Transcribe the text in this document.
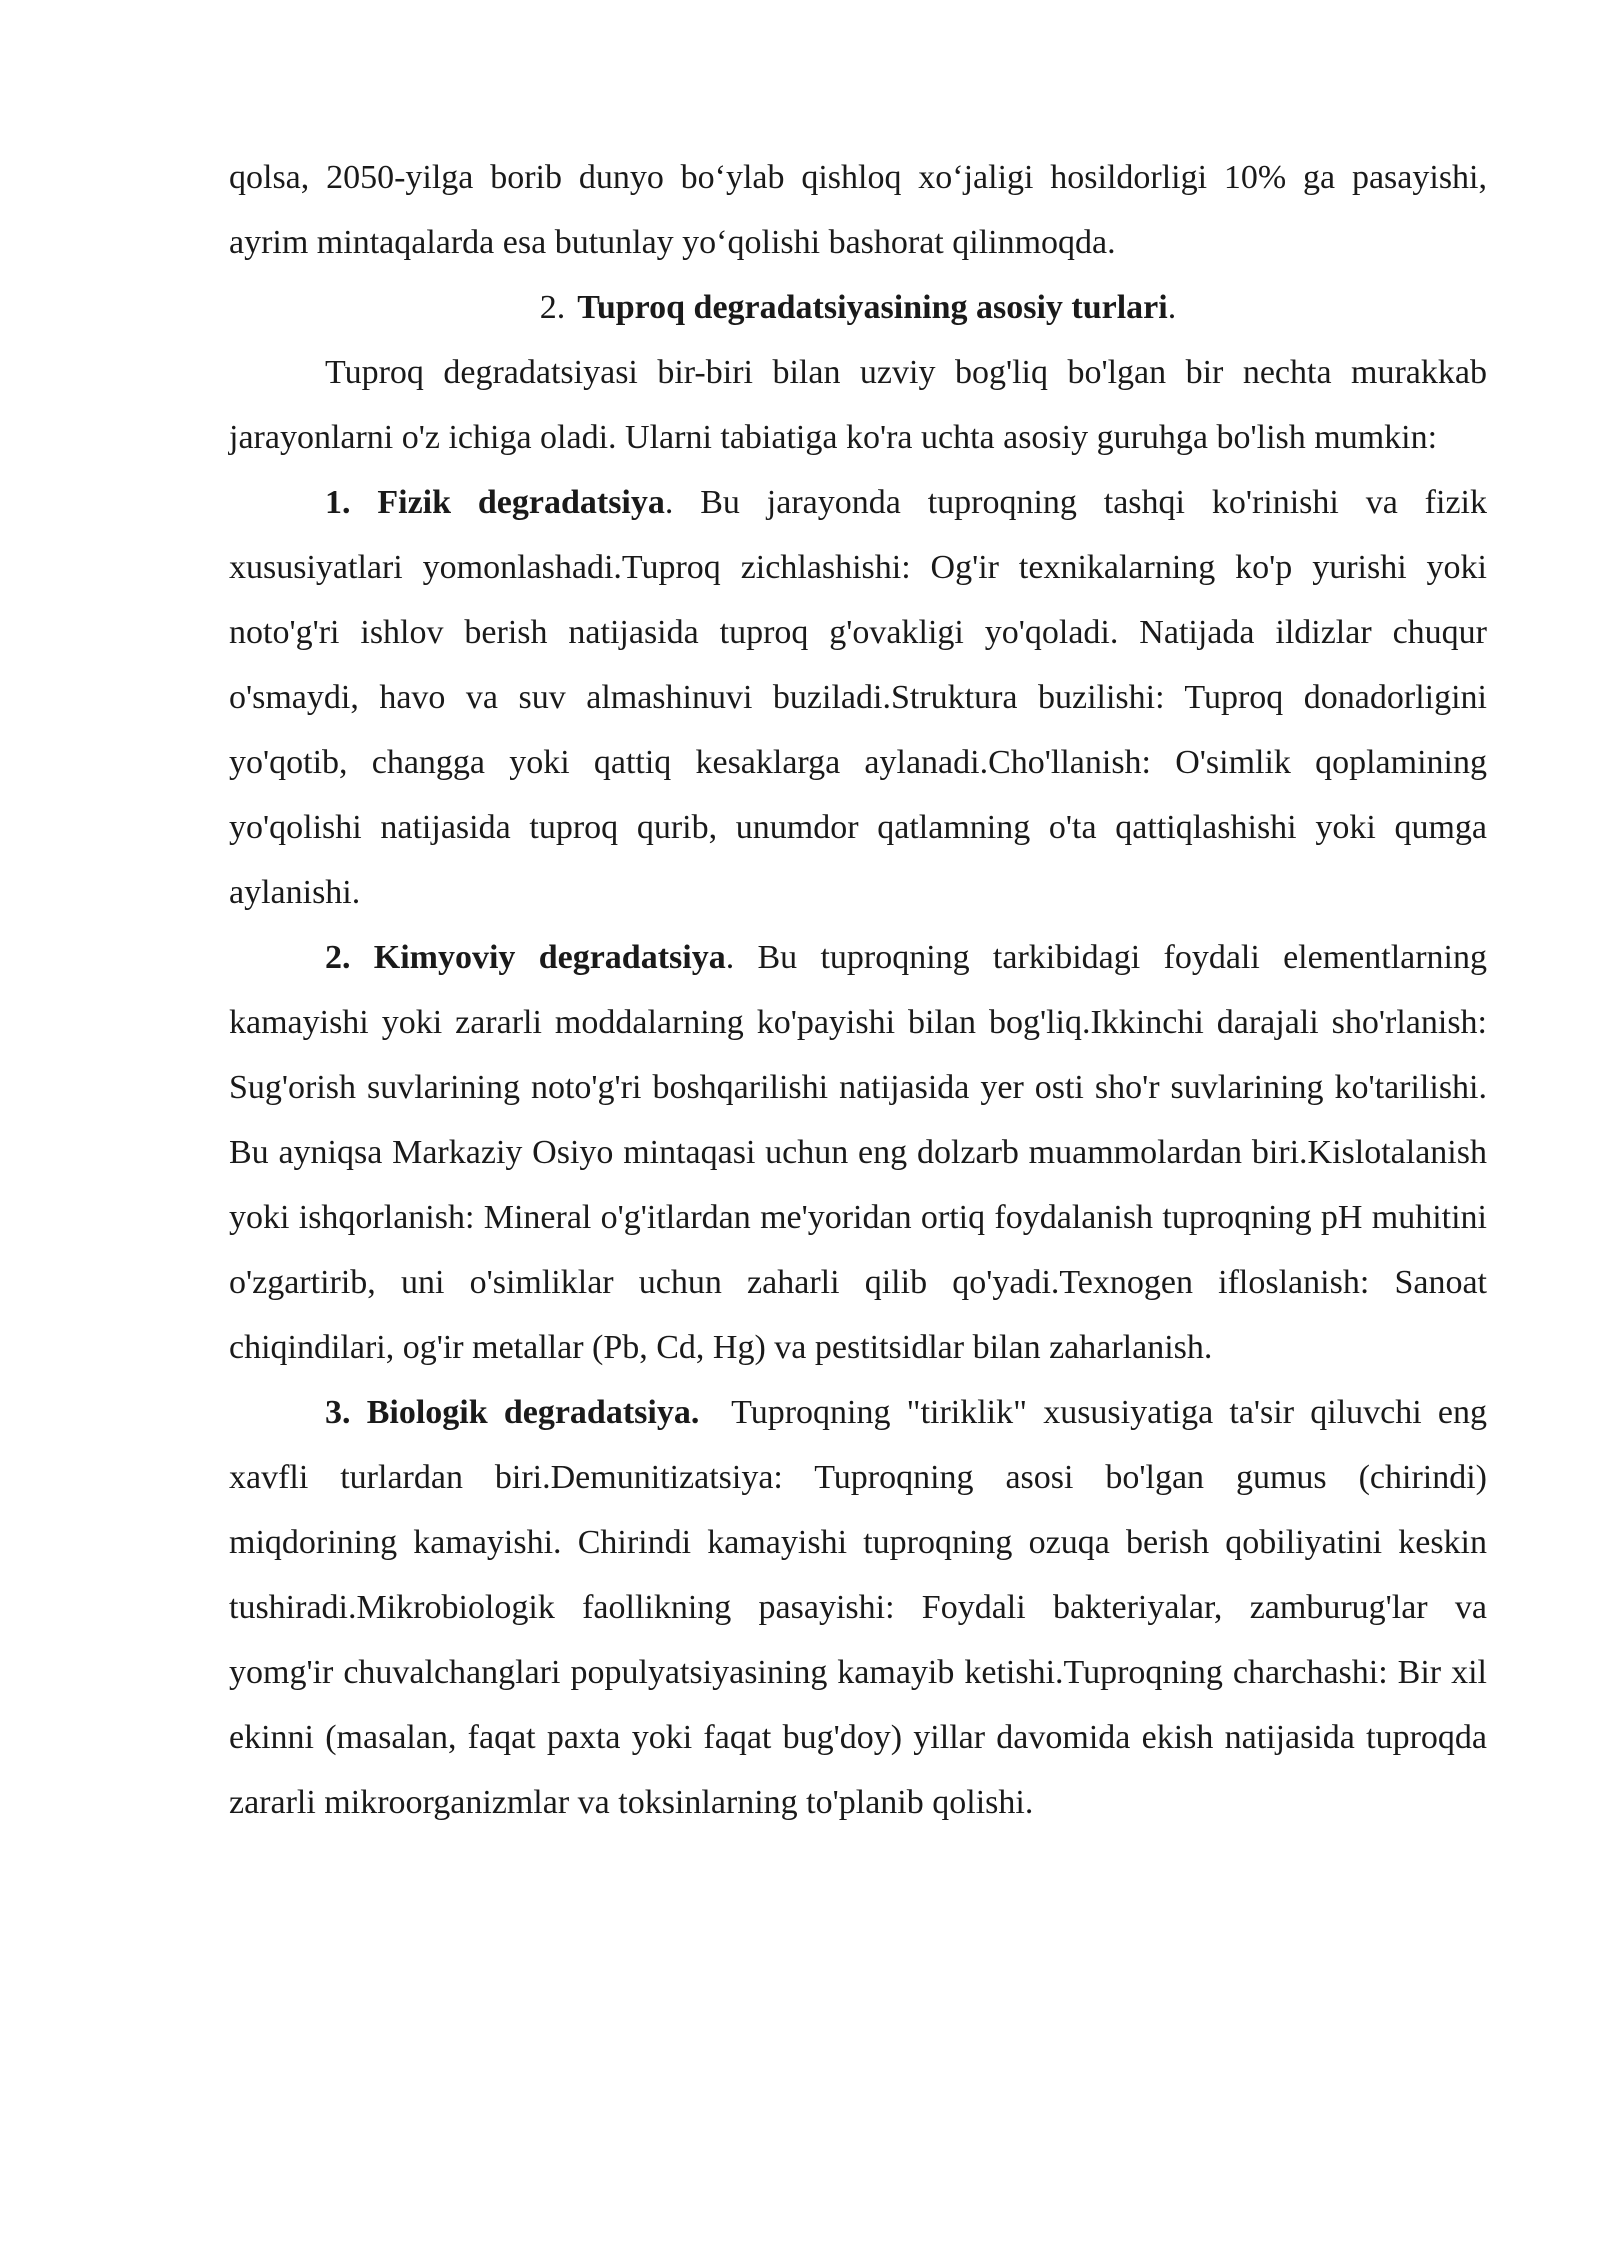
qolsa, 2050-yilga borib dunyo bo‘ylab qishloq xo‘jaligi hosildorligi 10% ga pasayishi, ayrim mintaqalarda esa butunlay yo‘qolishi bashorat qilinmoqda.

2. Tuproq degradatsiyasining asosiy turlari.

Tuproq degradatsiyasi bir-biri bilan uzviy bog'liq bo'lgan bir nechta murakkab jarayonlarni o'z ichiga oladi. Ularni tabiatiga ko'ra uchta asosiy guruhga bo'lish mumkin:

1. Fizik degradatsiya. Bu jarayonda tuproqning tashqi ko'rinishi va fizik xususiyatlari yomonlashadi.Tuproq zichlashishi: Og'ir texnikalarning ko'p yurishi yoki noto'g'ri ishlov berish natijasida tuproq g'ovakligi yo'qoladi. Natijada ildizlar chuqur o'smaydi, havo va suv almashinuvi buziladi.Struktura buzilishi: Tuproq donadorligini yo'qotib, changga yoki qattiq kesaklarga aylanadi.Cho'llanish: O'simlik qoplamining yo'qolishi natijasida tuproq qurib, unumdor qatlamning o'ta qattiqlashishi yoki qumga aylanishi.

2. Kimyoviy degradatsiya. Bu tuproqning tarkibidagi foydali elementlarning kamayishi yoki zararli moddalarning ko'payishi bilan bog'liq.Ikkinchi darajali sho'rlanish: Sug'orish suvlarining noto'g'ri boshqarilishi natijasida yer osti sho'r suvlarining ko'tarilishi. Bu ayniqsa Markaziy Osiyo mintaqasi uchun eng dolzarb muammolardan biri.Kislotalanish yoki ishqorlanish: Mineral o'g'itlardan me'yoridan ortiq foydalanish tuproqning pH muhitini o'zgartirib, uni o'simliklar uchun zaharli qilib qo'yadi.Texnogen ifloslanish: Sanoat chiqindilari, og'ir metallar (Pb, Cd, Hg) va pestitsidlar bilan zaharlanish.

3. Biologik degradatsiya.  Tuproqning "tiriklik" xususiyatiga ta'sir qiluvchi eng xavfli turlardan biri.Demunitizatsiya: Tuproqning asosi bo'lgan gumus (chirindi) miqdorining kamayishi. Chirindi kamayishi tuproqning ozuqa berish qobiliyatini keskin tushiradi.Mikrobiologik faollikning pasayishi: Foydali bakteriyalar, zamburug'lar va yomg'ir chuvalchanglari populyatsiyasining kamayib ketishi.Tuproqning charchashi: Bir xil ekinni (masalan, faqat paxta yoki faqat bug'doy) yillar davomida ekish natijasida tuproqda zararli mikroorganizmlar va toksinlarning to'planib qolishi.
